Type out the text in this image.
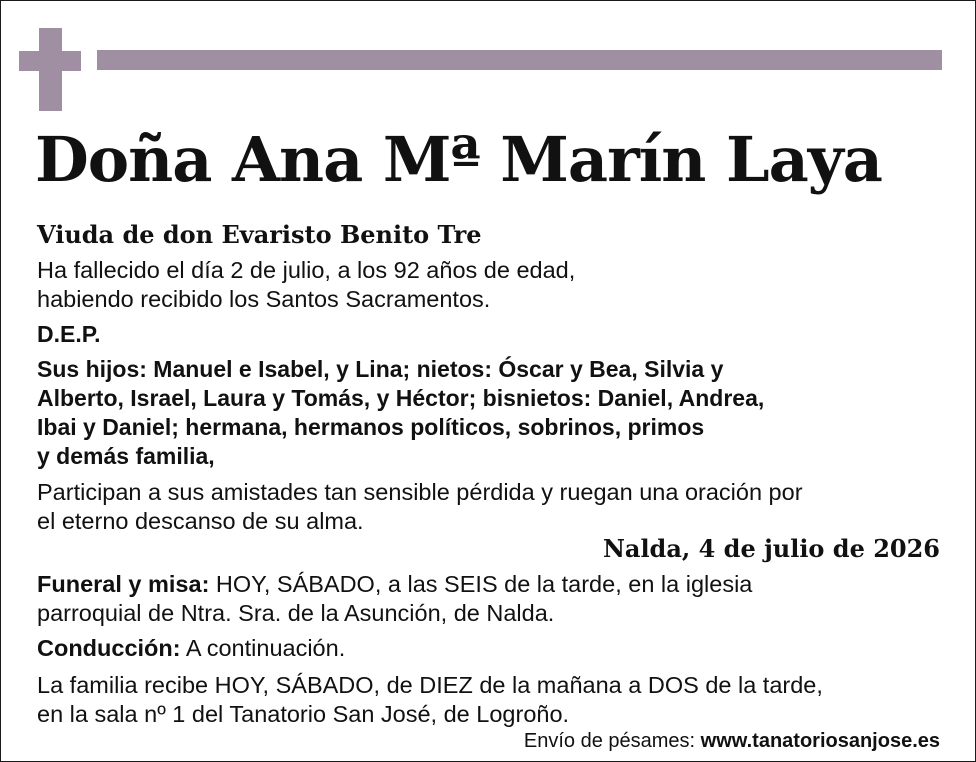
Doña Ana Mª Marín Laya
Viuda de don Evaristo Benito Tre
Ha fallecido el día 2 de julio, a los 92 años de edad,
habiendo recibido los Santos Sacramentos.
D.E.P.
Sus hijos: Manuel e Isabel, y Lina; nietos: Óscar y Bea, Silvia y
Alberto, Israel, Laura y Tomás, y Héctor; bisnietos: Daniel, Andrea,
Ibai y Daniel; hermana, hermanos políticos, sobrinos, primos
y demás familia,
Participan a sus amistades tan sensible pérdida y ruegan una oración por
el eterno descanso de su alma.
Nalda, 4 de julio de 2026
Funeral y misa: HOY, SÁBADO, a las SEIS de la tarde, en la iglesia
parroquial de Ntra. Sra. de la Asunción, de Nalda.
Conducción: A continuación.
La familia recibe HOY, SÁBADO, de DIEZ de la mañana a DOS de la tarde,
en la sala nº 1 del Tanatorio San José, de Logroño.
Envío de pésames: www.tanatoriosanjose.es
